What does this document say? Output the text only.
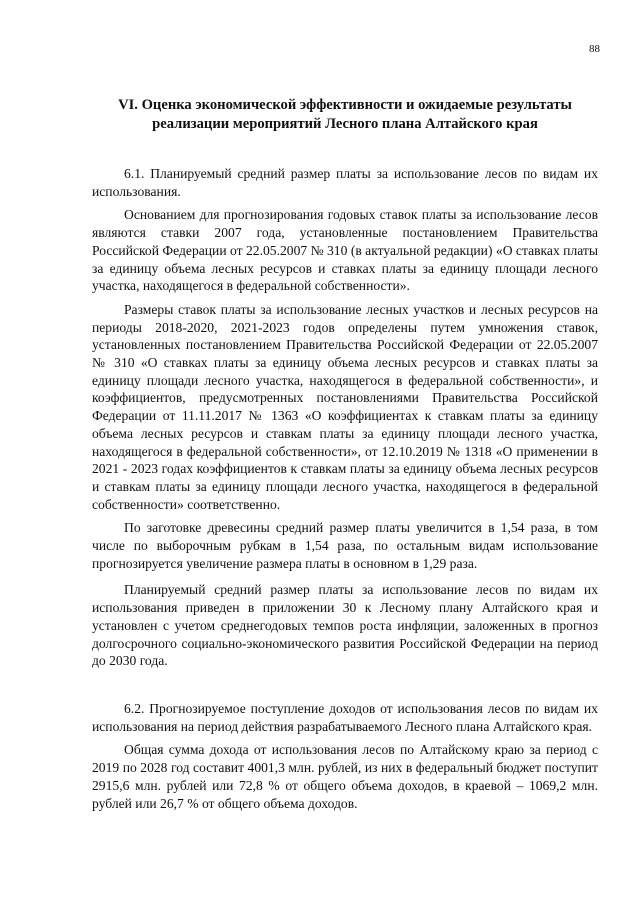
88
VI. Оценка экономической эффективности и ожидаемые результаты реализации мероприятий Лесного плана Алтайского края

6.1. Планируемый средний размер платы за использование лесов по видам их использования.

Основанием для прогнозирования годовых ставок платы за использование лесов являются ставки 2007 года, установленные постановлением Правительства Российской Федерации от 22.05.2007 № 310 (в актуальной редакции) «О ставках платы за единицу объема лесных ресурсов и ставках платы за единицу площади лесного участка, находящегося в федеральной собственности».

Размеры ставок платы за использование лесных участков и лесных ресурсов на периоды 2018-2020, 2021-2023 годов определены путем умножения ставок, установленных постановлением Правительства Российской Федерации от 22.05.2007 № 310 «О ставках платы за единицу объема лесных ресурсов и ставках платы за единицу площади лесного участка, находящегося в федеральной собственности», и коэффициентов, предусмотренных постановлениями Правительства Российской Федерации от 11.11.2017 № 1363 «О коэффициентах к ставкам платы за единицу объема лесных ресурсов и ставкам платы за единицу площади лесного участка, находящегося в федеральной собственности», от 12.10.2019 № 1318 «О применении в 2021 - 2023 годах коэффициентов к ставкам платы за единицу объема лесных ресурсов и ставкам платы за единицу площади лесного участка, находящегося в федеральной собственности» соответственно.

По заготовке древесины средний размер платы увеличится в 1,54 раза, в том числе по выборочным рубкам в 1,54 раза, по остальным видам использование прогнозируется увеличение размера платы в основном в 1,29 раза.

Планируемый средний размер платы за использование лесов по видам их использования приведен в приложении 30 к Лесному плану Алтайского края и установлен с учетом среднегодовых темпов роста инфляции, заложенных в прогноз долгосрочного социально-экономического развития Российской Федерации на период до 2030 года.

6.2. Прогнозируемое поступление доходов от использования лесов по видам их использования на период действия разрабатываемого Лесного плана Алтайского края.

Общая сумма дохода от использования лесов по Алтайскому краю за период с 2019 по 2028 год составит 4001,3 млн. рублей, из них в федеральный бюджет поступит 2915,6 млн. рублей или 72,8 % от общего объема доходов, в краевой – 1069,2 млн. рублей или 26,7 % от общего объема доходов.
